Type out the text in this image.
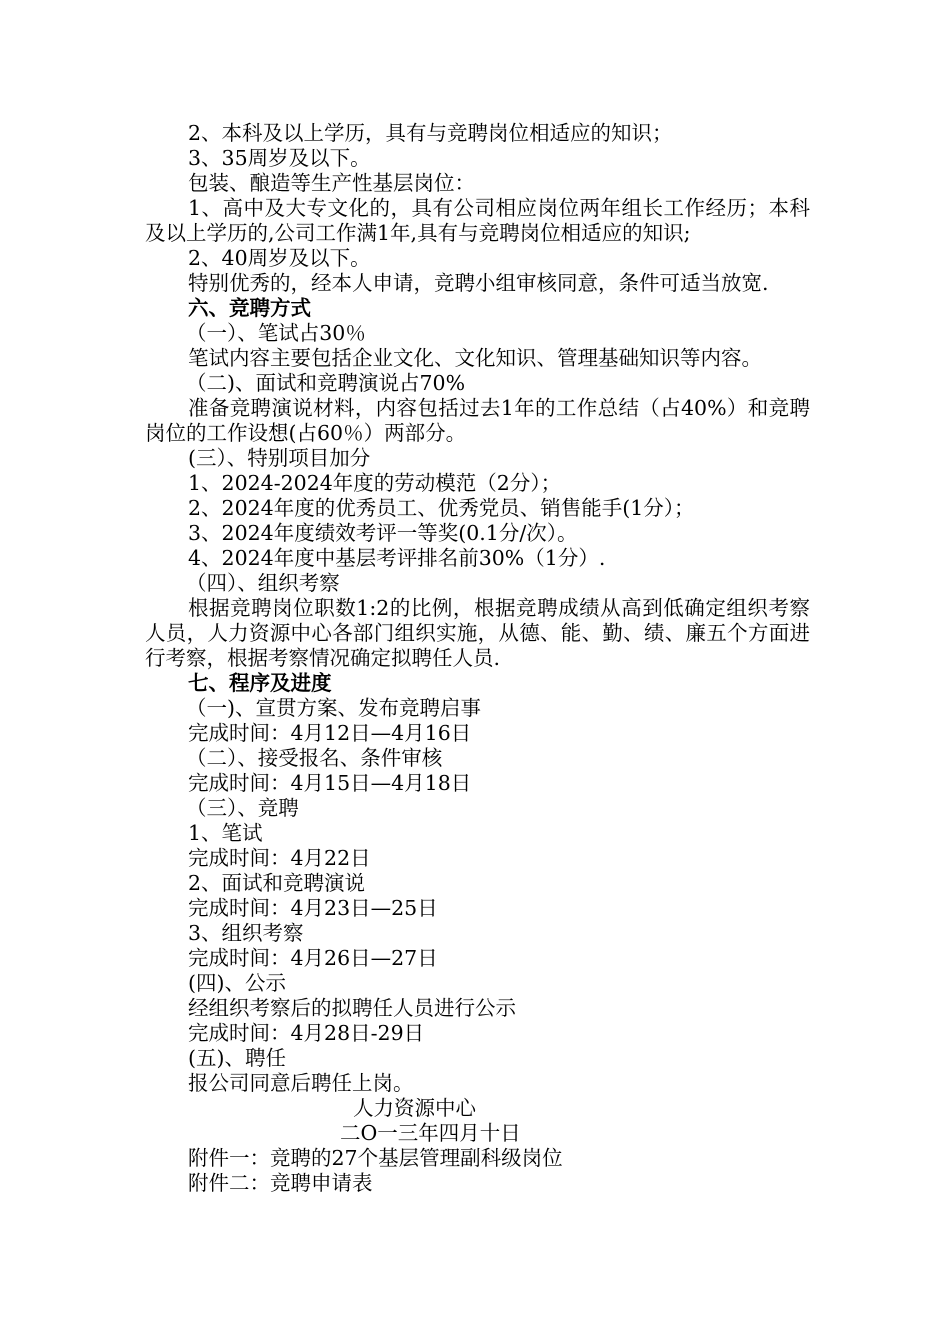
2、本科及以上学历，具有与竞聘岗位相适应的知识；
3、35周岁及以下。
包装、酿造等生产性基层岗位：
1、高中及大专文化的，具有公司相应岗位两年组长工作经历；本科及以上学历的,公司工作满1年,具有与竞聘岗位相适应的知识;
2、40周岁及以下。
特别优秀的，经本人申请，竞聘小组审核同意，条件可适当放宽.
六、竞聘方式
（一）、笔试占30％
笔试内容主要包括企业文化、文化知识、管理基础知识等内容。
（二)、面试和竞聘演说占70%
准备竞聘演说材料，内容包括过去1年的工作总结（占40%）和竞聘岗位的工作设想(占60％）两部分。
(三）、特别项目加分
1、2024-2024年度的劳动模范（2分）；
2、2024年度的优秀员工、优秀党员、销售能手(1分）；
3、2024年度绩效考评一等奖(0.1分/次）。
4、2024年度中基层考评排名前30%（1分）.
（四）、组织考察
根据竞聘岗位职数1:2的比例，根据竞聘成绩从高到低确定组织考察人员，人力资源中心各部门组织实施，从德、能、勤、绩、廉五个方面进行考察，根据考察情况确定拟聘任人员.
七、程序及进度
（一)、宣贯方案、发布竞聘启事
完成时间：4月12日—4月16日
（二）、接受报名、条件审核
完成时间：4月15日—4月18日
（三）、竞聘
1、笔试
完成时间：4月22日
2、面试和竞聘演说
完成时间：4月23日—25日
3、组织考察
完成时间：4月26日—27日
(四)、公示
经组织考察后的拟聘任人员进行公示
完成时间：4月28日-29日
(五)、聘任
报公司同意后聘任上岗。
人力资源中心
二O一三年四月十日
附件一：竞聘的27个基层管理副科级岗位
附件二：竞聘申请表
